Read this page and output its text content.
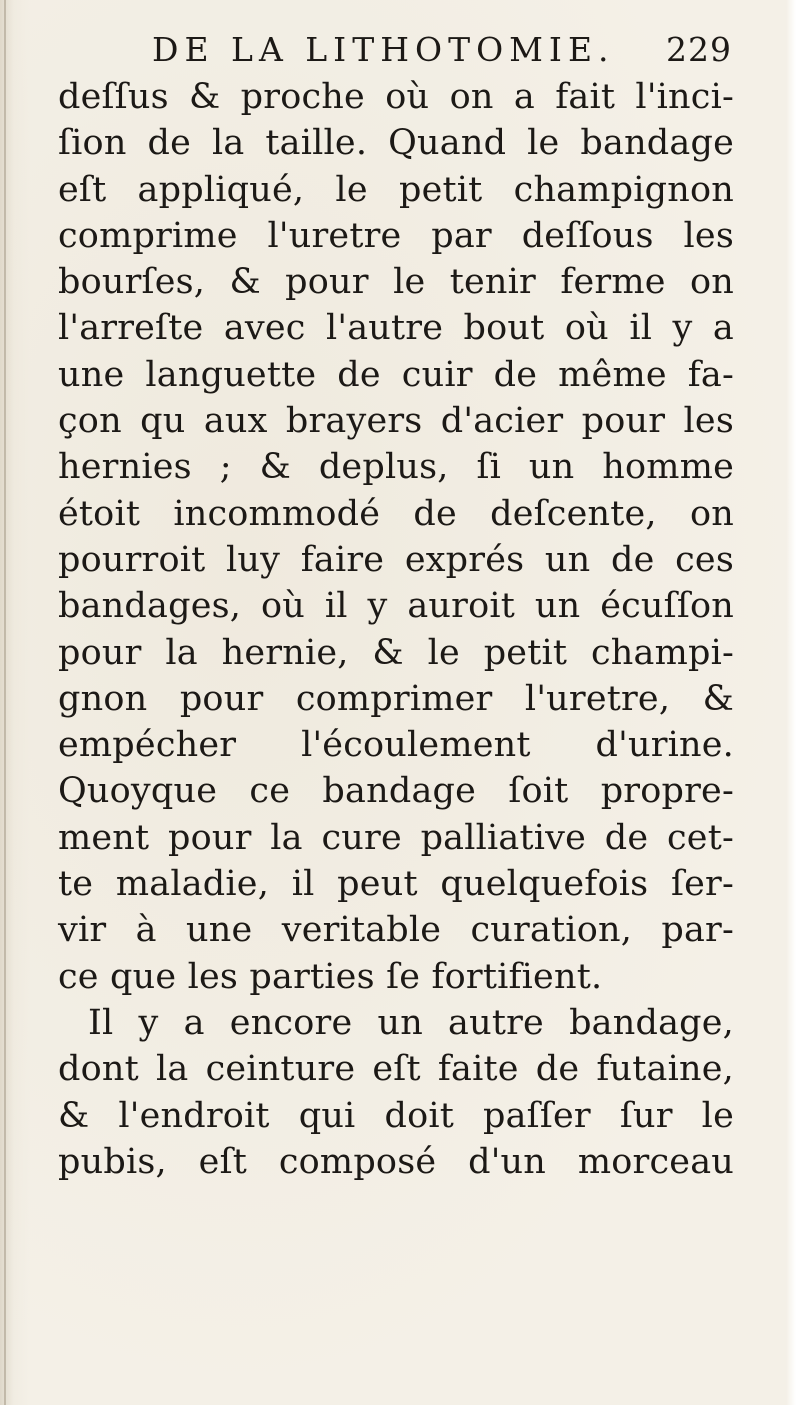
DE LA LITHOTOMIE. 229
deſſus & proche où on a fait l'inci-
ſion de la taille. Quand le bandage
eſt appliqué, le petit champignon
comprime l'uretre par deſſous les
bourſes, & pour le tenir ferme on
l'arreſte avec l'autre bout où il y a
une languette de cuir de même fa-
çon qu aux brayers d'acier pour les
hernies ; & deplus, ſi un homme
étoit incommodé de deſcente, on
pourroit luy faire exprés un de ces
bandages, où il y auroit un écuſſon
pour la hernie, & le petit champi-
gnon pour comprimer l'uretre, &
empécher l'écoulement d'urine.
Quoyque ce bandage ſoit propre-
ment pour la cure palliative de cet-
te maladie, il peut quelquefois ſer-
vir à une veritable curation, par-
ce que les parties ſe fortifient.
Il y a encore un autre bandage,
dont la ceinture eſt faite de futaine,
& l'endroit qui doit paſſer ſur le
pubis, eſt composé d'un morceau
